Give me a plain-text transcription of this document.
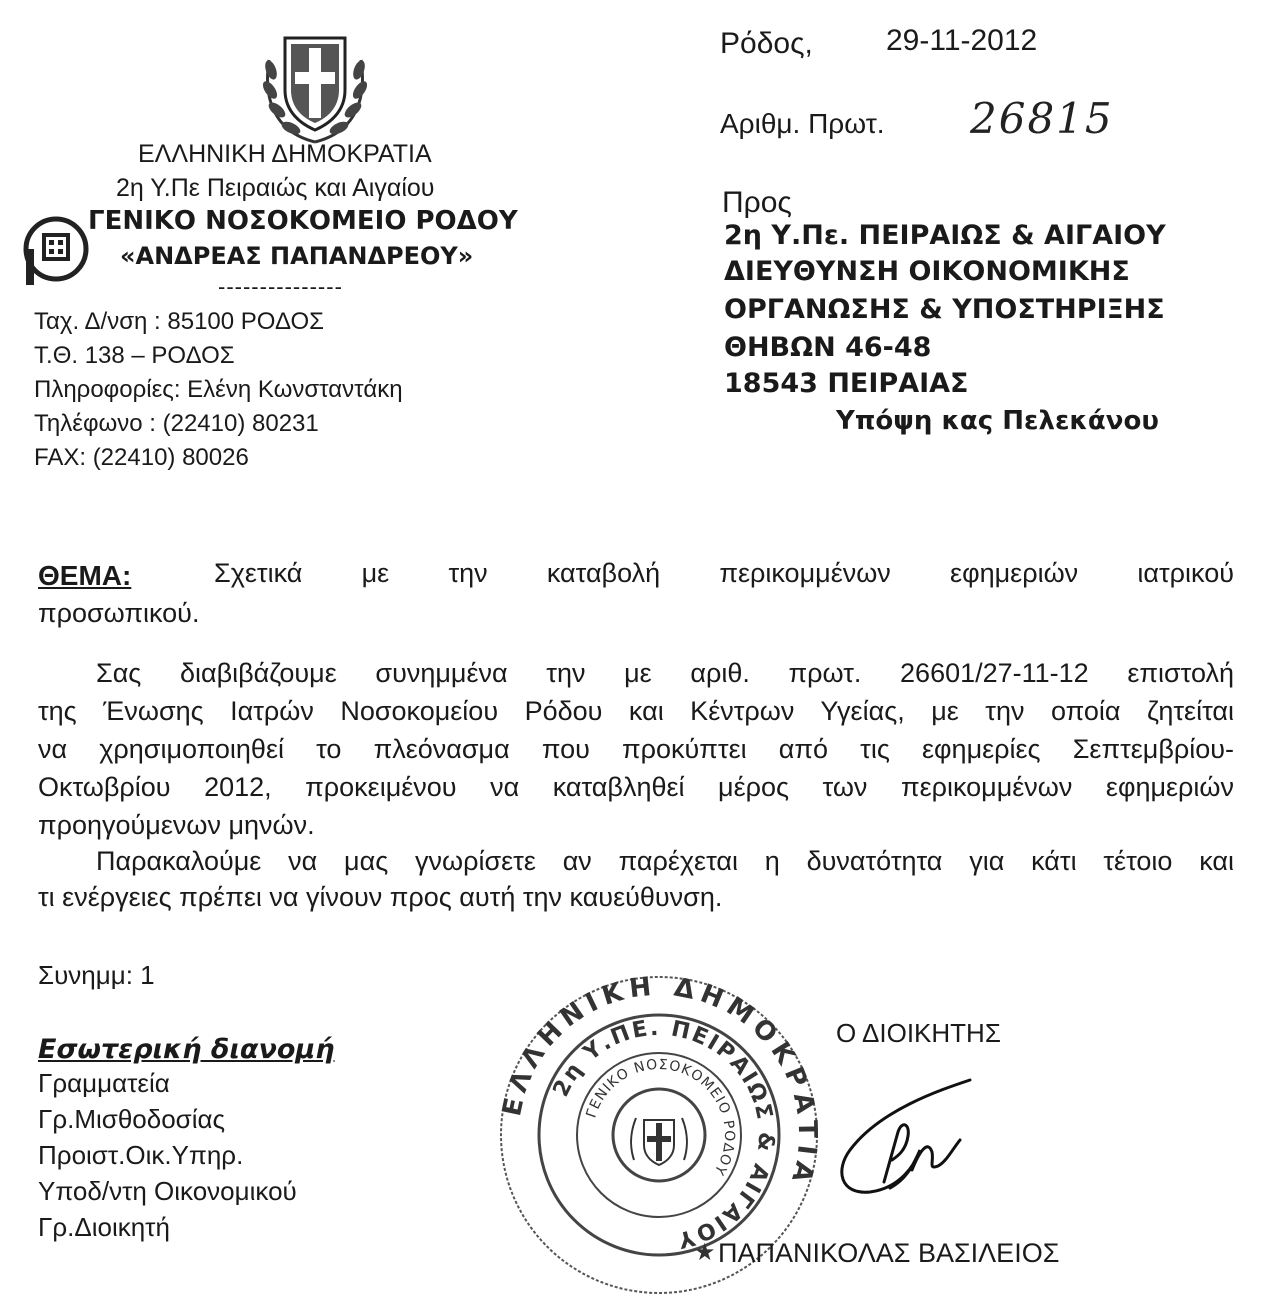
ΕΛΛΗΝΙΚΗ ΔΗΜΟΚΡΑΤΙΑ
2η Υ.Πε Πειραιώς και Αιγαίου
ΓΕΝΙΚΟ ΝΟΣΟΚΟΜΕΙΟ ΡΟΔΟΥ
«ΑΝΔΡΕΑΣ ΠΑΠΑΝΔΡΕΟΥ»
---------------
Ταχ. Δ/νση : 85100 ΡΟΔΟΣ
Τ.Θ. 138 – ΡΟΔΟΣ
Πληροφορίες: Ελένη Κωνσταντάκη
Τηλέφωνο : (22410) 80231
FAX: (22410) 80026
Ρόδος, 29-11-2012
Αριθμ. Πρωτ. 26815
Προς
2η Υ.Πε. ΠΕΙΡΑΙΩΣ & ΑΙΓΑΙΟΥ
ΔΙΕΥΘΥΝΣΗ ΟΙΚΟΝΟΜΙΚΗΣ
ΟΡΓΑΝΩΣΗΣ & ΥΠΟΣΤΗΡΙΞΗΣ
ΘΗΒΩΝ 46-48
18543 ΠΕΙΡΑΙΑΣ
Υπόψη κας Πελεκάνου
ΘΕΜΑ:	Σχετικά με την καταβολή περικομμένων εφημεριών ιατρικού
προσωπικού.
Σας διαβιβάζουμε συνημμένα την με αριθ. πρωτ. 26601/27-11-12 επιστολή
της Ένωσης Ιατρών Νοσοκομείου Ρόδου και Κέντρων Υγείας, με την οποία ζητείται
να χρησιμοποιηθεί το πλεόνασμα που προκύπτει από τις εφημερίες Σεπτεμβρίου-
Οκτωβρίου 2012, προκειμένου να καταβληθεί μέρος των περικομμένων εφημεριών
προηγούμενων μηνών.
Παρακαλούμε να μας γνωρίσετε αν παρέχεται η δυνατότητα για κάτι τέτοιο και
τι ενέργειες πρέπει να γίνουν προς αυτή την καυεύθυνση.
Συνημμ: 1
Εσωτερική διανομή
Γραμματεία
Γρ.Μισθοδοσίας
Προιστ.Οικ.Υπηρ.
Υποδ/ντη Οικονομικού
Γρ.Διοικητή
ΕΛΛΗΝΙΚΗ ΔΗΜΟΚΡΑΤΙΑ
2η Υ.ΠΕ. ΠΕΙΡΑΙΩΣ & ΑΙΓΑΙΟΥ
ΓΕΝΙΚΟ ΝΟΣΟΚΟΜΕΙΟ ΡΟΔΟΥ
Ο ΔΙΟΙΚΗΤΗΣ
★ ΠΑΠΑΝΙΚΟΛΑΣ ΒΑΣΙΛΕΙΟΣ
